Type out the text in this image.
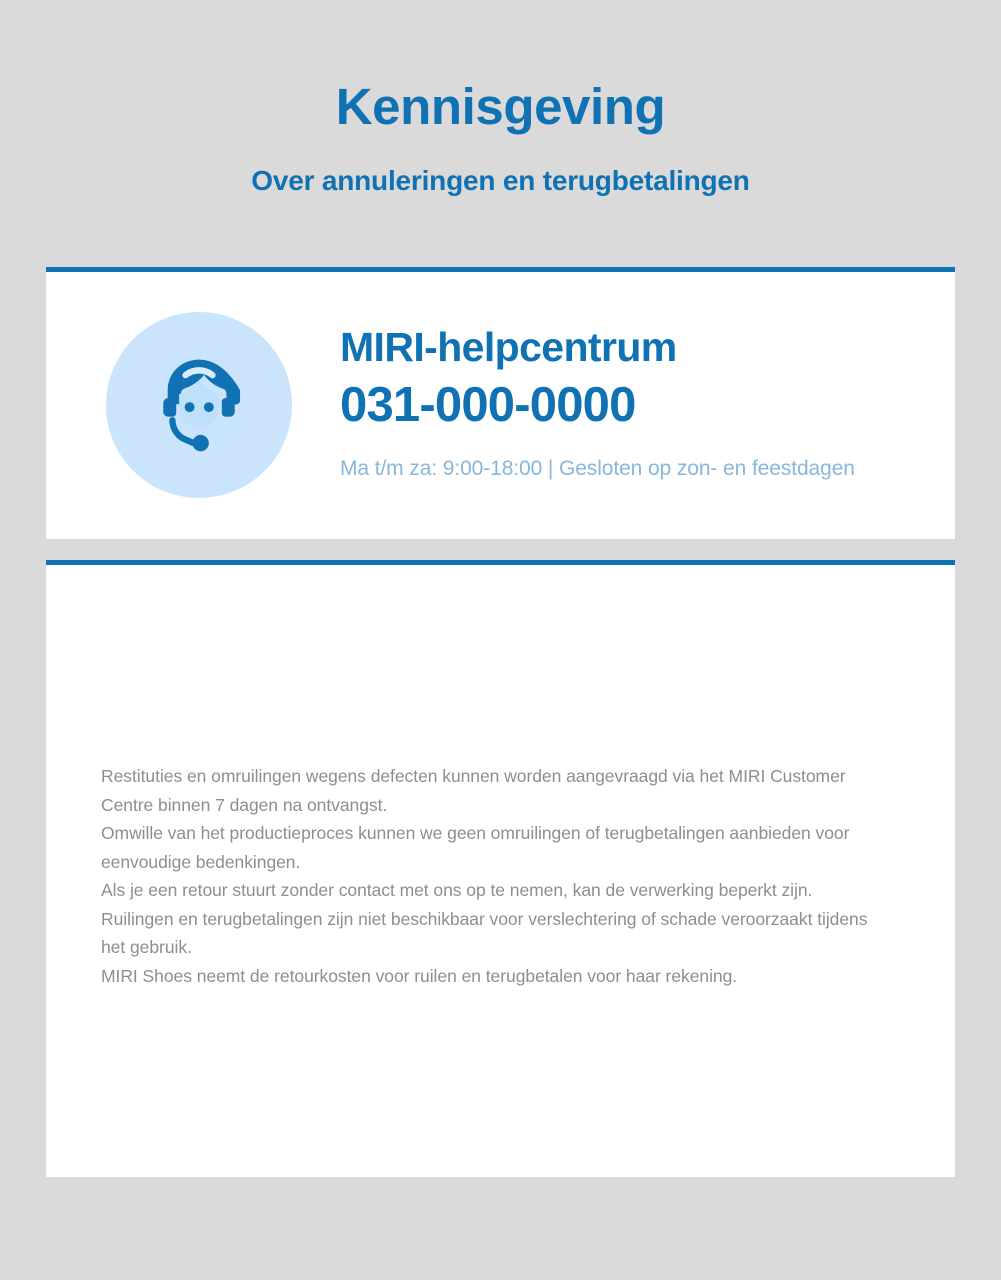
Kennisgeving
Over annuleringen en terugbetalingen

MIRI-helpcentrum

031-000-0000

Ma t/m za: 9:00-18:00 | Gesloten op zon- en feestdagen

Restituties en omruilingen wegens defecten kunnen worden aangevraagd via het MIRI Customer Centre binnen 7 dagen na ontvangst.

Omwille van het productieproces kunnen we geen omruilingen of terugbetalingen aanbieden voor eenvoudige bedenkingen.

Als je een retour stuurt zonder contact met ons op te nemen, kan de verwerking beperkt zijn.

Ruilingen en terugbetalingen zijn niet beschikbaar voor verslechtering of schade veroorzaakt tijdens het gebruik.

MIRI Shoes neemt de retourkosten voor ruilen en terugbetalen voor haar rekening.
